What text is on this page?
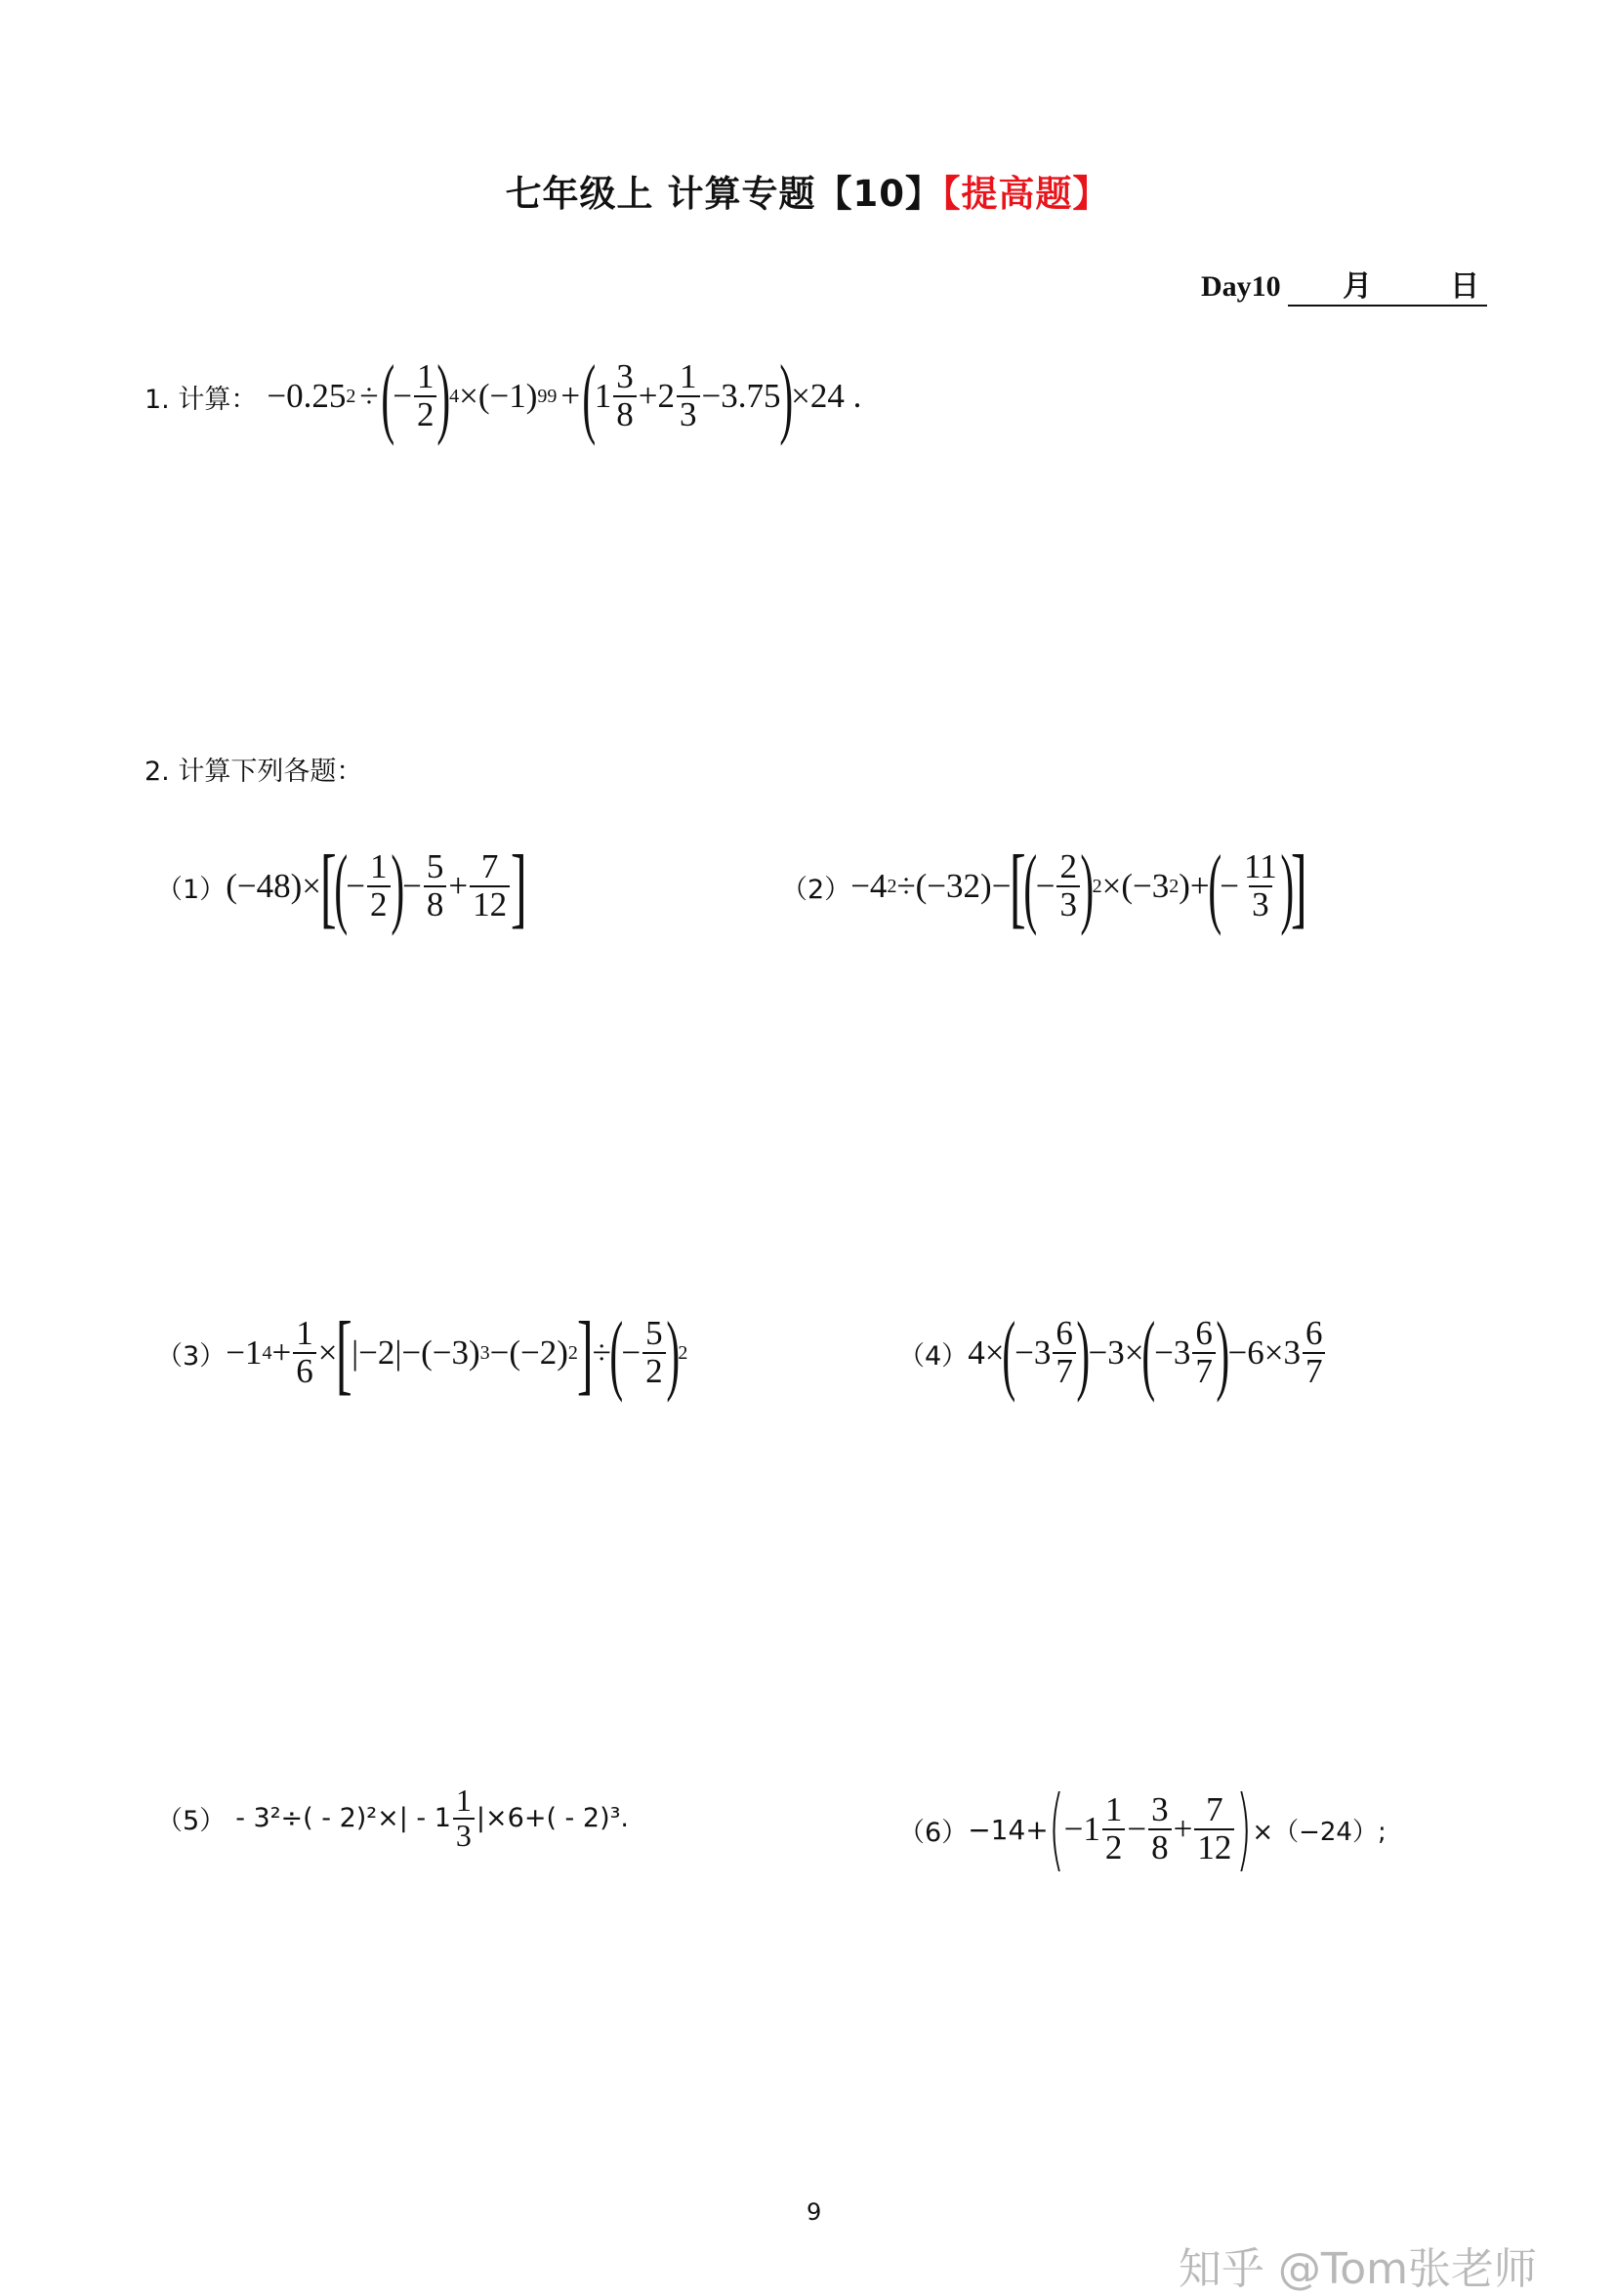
七年级上 计算专题【10】【提高题】
Day10 月	日
1. 计算： −0.25 2 ÷ (
− $\frac{1}{2}$ )
4 ×(−1) 99 + (
$1 \frac{3}{8} + 2 \frac{1}{3} -3.75$
)
×24 .
2. 计算下列各题：
（1） (−48)×
[
(
− $\frac{1}{2}$ )
− $\frac{5}{8} + \frac{7}{12}$ ]	（2） −4 2 ÷(−32)−
[
(
− $\frac{2}{3}$ )
2 ×(−3 2 )+
(
− $\frac{11}{3}$ )
]
（3） −1 $4 + \frac{1}{6}$ ×
[
|−2|−(−3) 3 −(−2) 2
]
÷
(
− $\frac{5}{2}$ )
2	（4） 4×
(
$-3 \frac{6}{7}$ )
−3×
(
$-3 \frac{6}{7}$ )
$-6\times 3 \frac{6}{7}$
$(5) - 3^2\div( - 2)^2\times| - 1 \frac{1}{3} |\times 6+( - 2)^3$.	（6） −14+ ( $-1 \frac{1}{2} - \frac{3}{8} + \frac{7}{12}$ ) ×（−24）;
9
知乎 @Tom张老师
